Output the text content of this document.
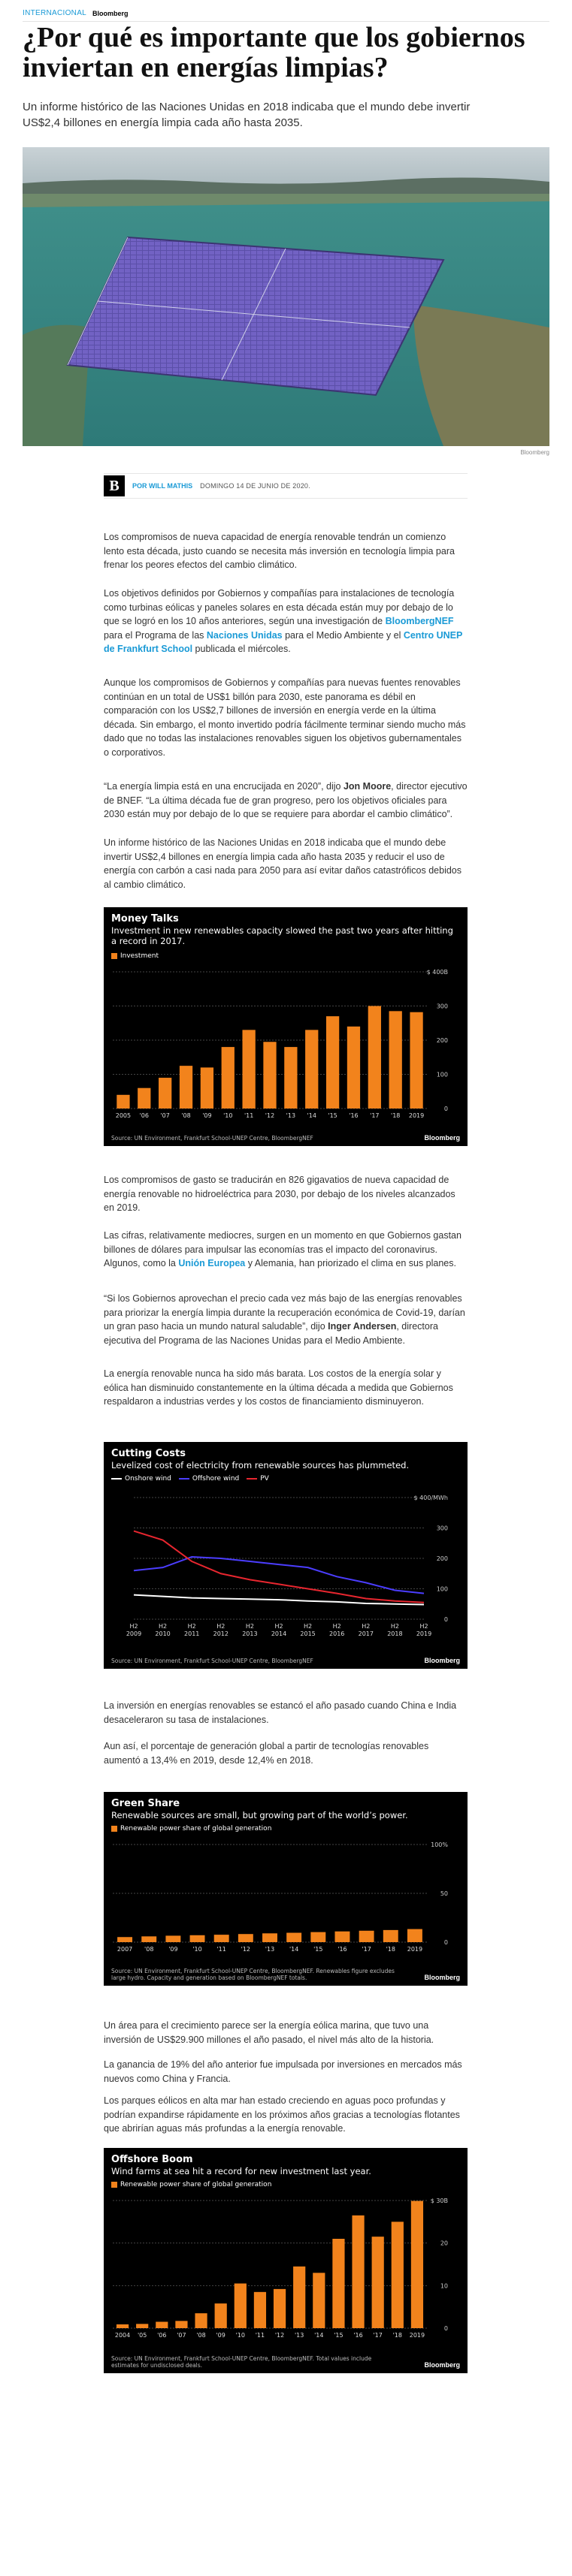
INTERNACIONAL Bloomberg
¿Por qué es importante que los gobiernos inviertan en energías limpias?
Un informe histórico de las Naciones Unidas en 2018 indicaba que el mundo debe invertir US$2,4 billones en energía limpia cada año hasta 2035.
Bloomberg
B	POR WILL MATHIS DOMINGO 14 DE JUNIO DE 2020.

Los compromisos de nueva capacidad de energía renovable tendrán un comienzo lento esta década, justo cuando se necesita más inversión en tecnología limpia para frenar los peores efectos del cambio climático.

Los objetivos definidos por Gobiernos y compañías para instalaciones de tecnología como turbinas eólicas y paneles solares en esta década están muy por debajo de lo que se logró en los 10 años anteriores, según una investigación de BloombergNEF para el Programa de las Naciones Unidas para el Medio Ambiente y el Centro UNEP de Frankfurt School publicada el miércoles.

Aunque los compromisos de Gobiernos y compañías para nuevas fuentes renovables continúan en un total de US$1 billón para 2030, este panorama es débil en comparación con los US$2,7 billones de inversión en energía verde en la última década. Sin embargo, el monto invertido podría fácilmente terminar siendo mucho más dado que no todas las instalaciones renovables siguen los objetivos gubernamentales o corporativos.

“La energía limpia está en una encrucijada en 2020”, dijo Jon Moore, director ejecutivo de BNEF. “La última década fue de gran progreso, pero los objetivos oficiales para 2030 están muy por debajo de lo que se requiere para abordar el cambio climático”.

Un informe histórico de las Naciones Unidas en 2018 indicaba que el mundo debe invertir US$2,4 billones en energía limpia cada año hasta 2035 y reducir el uso de energía con carbón a casi nada para 2050 para así evitar daños catastróficos debidos al cambio climático.

Money Talks
Investment in new renewables capacity slowed the past two years after hitting a record in 2017.
Investment
0
100
200
300
$ 400B
2005 '06 '07 '08 '09 '10 '11 '12 '13 '14 '15 '16 '17 '18 2019
Source: UN Environment, Frankfurt School-UNEP Centre, BloombergNEF	Bloomberg

Los compromisos de gasto se traducirán en 826 gigavatios de nueva capacidad de energía renovable no hidroeléctrica para 2030, por debajo de los niveles alcanzados en 2019.

Las cifras, relativamente mediocres, surgen en un momento en que Gobiernos gastan billones de dólares para impulsar las economías tras el impacto del coronavirus. Algunos, como la Unión Europea y Alemania, han priorizado el clima en sus planes.

“Si los Gobiernos aprovechan el precio cada vez más bajo de las energías renovables para priorizar la energía limpia durante la recuperación económica de Covid-19, darían un gran paso hacia un mundo natural saludable”, dijo Inger Andersen, directora ejecutiva del Programa de las Naciones Unidas para el Medio Ambiente.

La energía renovable nunca ha sido más barata. Los costos de la energía solar y eólica han disminuido constantemente en la última década a medida que Gobiernos respaldaron a industrias verdes y los costos de financiamiento disminuyeron.

Cutting Costs
Levelized cost of electricity from renewable sources has plummeted.
Onshore wind	Offshore wind	PV
0
100
200
300
$ 400/MWh
H2
2009
H2
2010
H2
2011
H2
2012
H2
2013
H2
2014
H2
2015
H2
2016
H2
2017
H2
2018
H2
2019
Source: UN Environment, Frankfurt School-UNEP Centre, BloombergNEF	Bloomberg

La inversión en energías renovables se estancó el año pasado cuando China e India desaceleraron su tasa de instalaciones.

Aun así, el porcentaje de generación global a partir de tecnologías renovables aumentó a 13,4% en 2019, desde 12,4% en 2018.

Green Share
Renewable sources are small, but growing part of the world’s power.
Renewable power share of global generation
0
50
100%
2007 '08 '09 '10 '11 '12 '13 '14 '15 '16 '17 '18 2019
Source: UN Environment, Frankfurt School-UNEP Centre, BloombergNEF. Renewables figure excludes large hydro. Capacity and generation based on BloombergNEF totals.	Bloomberg

Un área para el crecimiento parece ser la energía eólica marina, que tuvo una inversión de US$29.900 millones el año pasado, el nivel más alto de la historia.

La ganancia de 19% del año anterior fue impulsada por inversiones en mercados más nuevos como China y Francia.

Los parques eólicos en alta mar han estado creciendo en aguas poco profundas y podrían expandirse rápidamente en los próximos años gracias a tecnologías flotantes que abrirían aguas más profundas a la energía renovable.

Offshore Boom
Wind farms at sea hit a record for new investment last year.
Renewable power share of global generation
0
10
20
$ 30B
2004 '05 '06 '07 '08 '09 '10 '11 '12 '13 '14 '15 '16 '17 '18 2019
Source: UN Environment, Frankfurt School-UNEP Centre, BloombergNEF. Total values include estimates for undisclosed deals.	Bloomberg
